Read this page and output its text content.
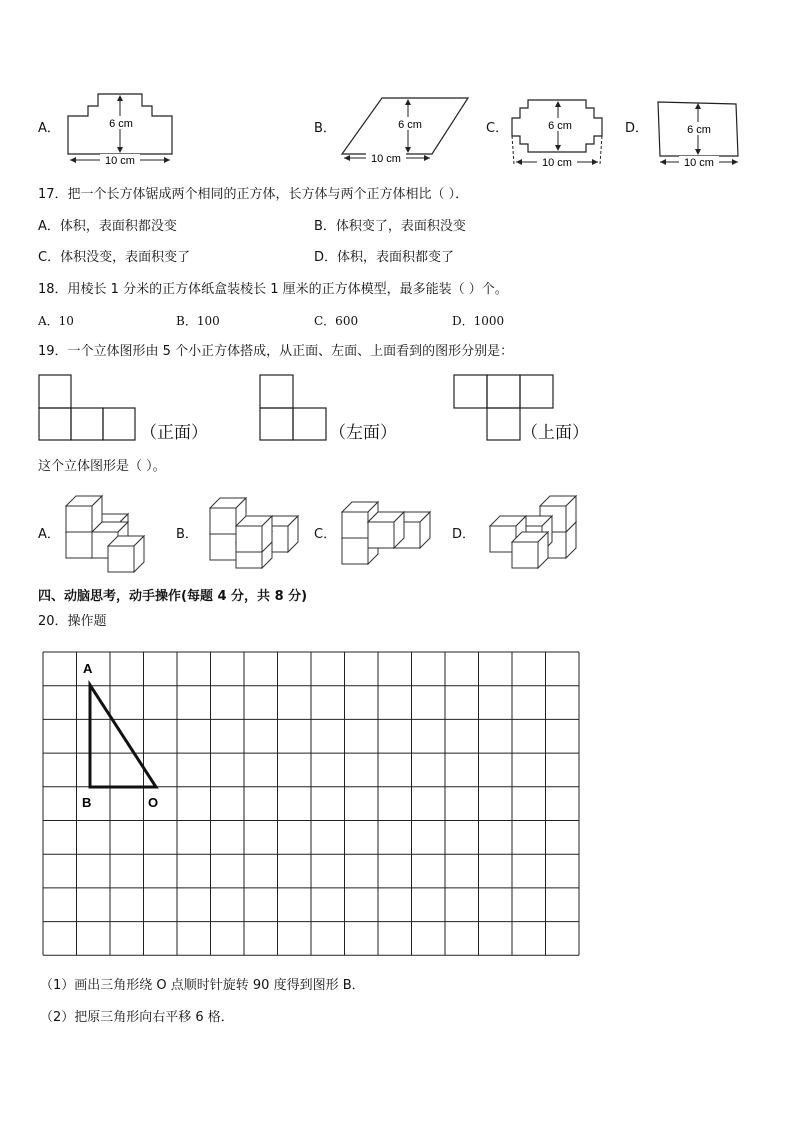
A．	6 cm
10 cm
B．	6 cm
10 cm
C．	6 cm
10 cm
D．	6 cm
10 cm
17．把一个长方体锯成两个相同的正方体，长方体与两个正方体相比（ ）．
A．体积，表面积都没变	B．体积变了，表面积没变
C．体积没变，表面积变了	D．体积，表面积都变了
18．用棱长 1 分米的正方体纸盒装棱长 1 厘米的正方体模型，最多能装（ ）个。
A．10	B．100	C．600	D．1000
19．一个立体图形由 5 个小正方体搭成，从正面、左面、上面看到的图形分别是：
（正面）	（左面）	（上面）
这个立体图形是（ ）。
A．	B．	C．	D．
四、动脑思考，动手操作(每题 4 分，共 8 分)
20．操作题
A
B	O
（1）画出三角形绕 O 点顺时针旋转 90 度得到图形 B．
（2）把原三角形向右平移 6 格．
